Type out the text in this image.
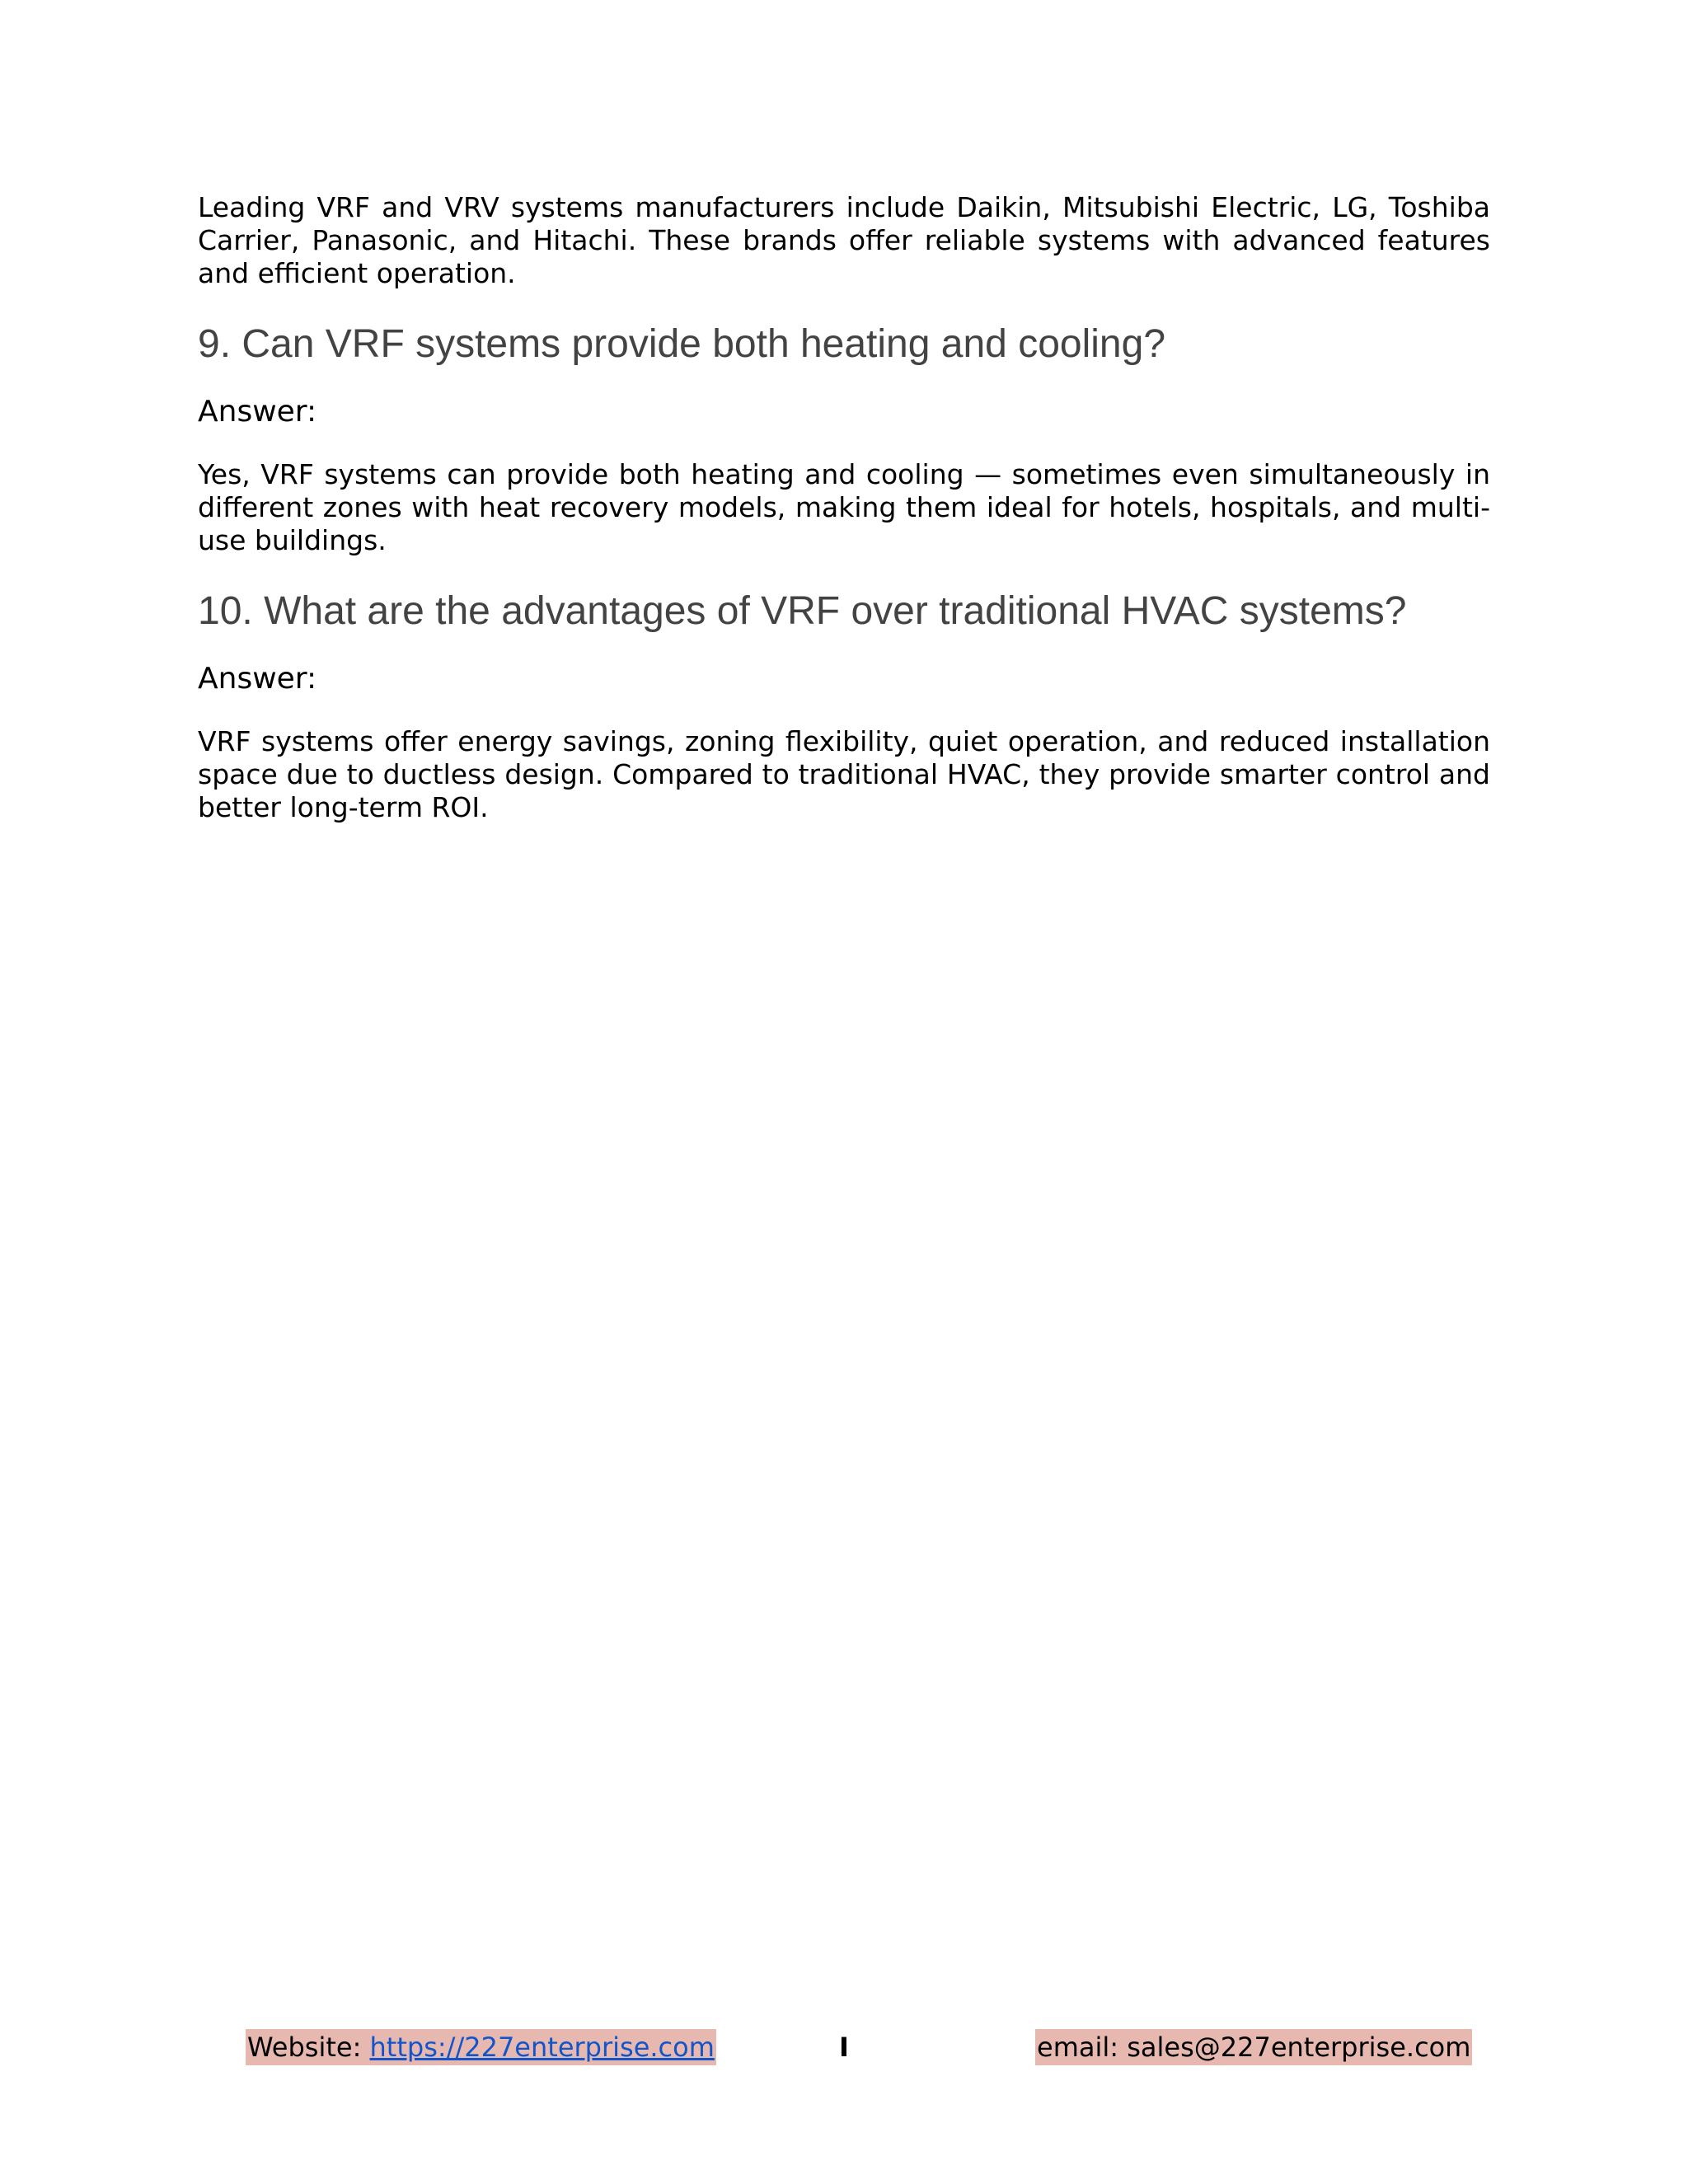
Leading VRF and VRV systems manufacturers include Daikin, Mitsubishi Electric, LG, Toshiba Carrier, Panasonic, and Hitachi. These brands offer reliable systems with advanced features and efficient operation.

9. Can VRF systems provide both heating and cooling?
Answer:

Yes, VRF systems can provide both heating and cooling — sometimes even simultaneously in different zones with heat recovery models, making them ideal for hotels, hospitals, and multi-use buildings.

10. What are the advantages of VRF over traditional HVAC systems?
Answer:

VRF systems offer energy savings, zoning flexibility, quiet operation, and reduced installation space due to ductless design. Compared to traditional HVAC, they provide smarter control and better long-term ROI.

Website: https://227enterprise.com	I	email: sales@227enterprise.com
